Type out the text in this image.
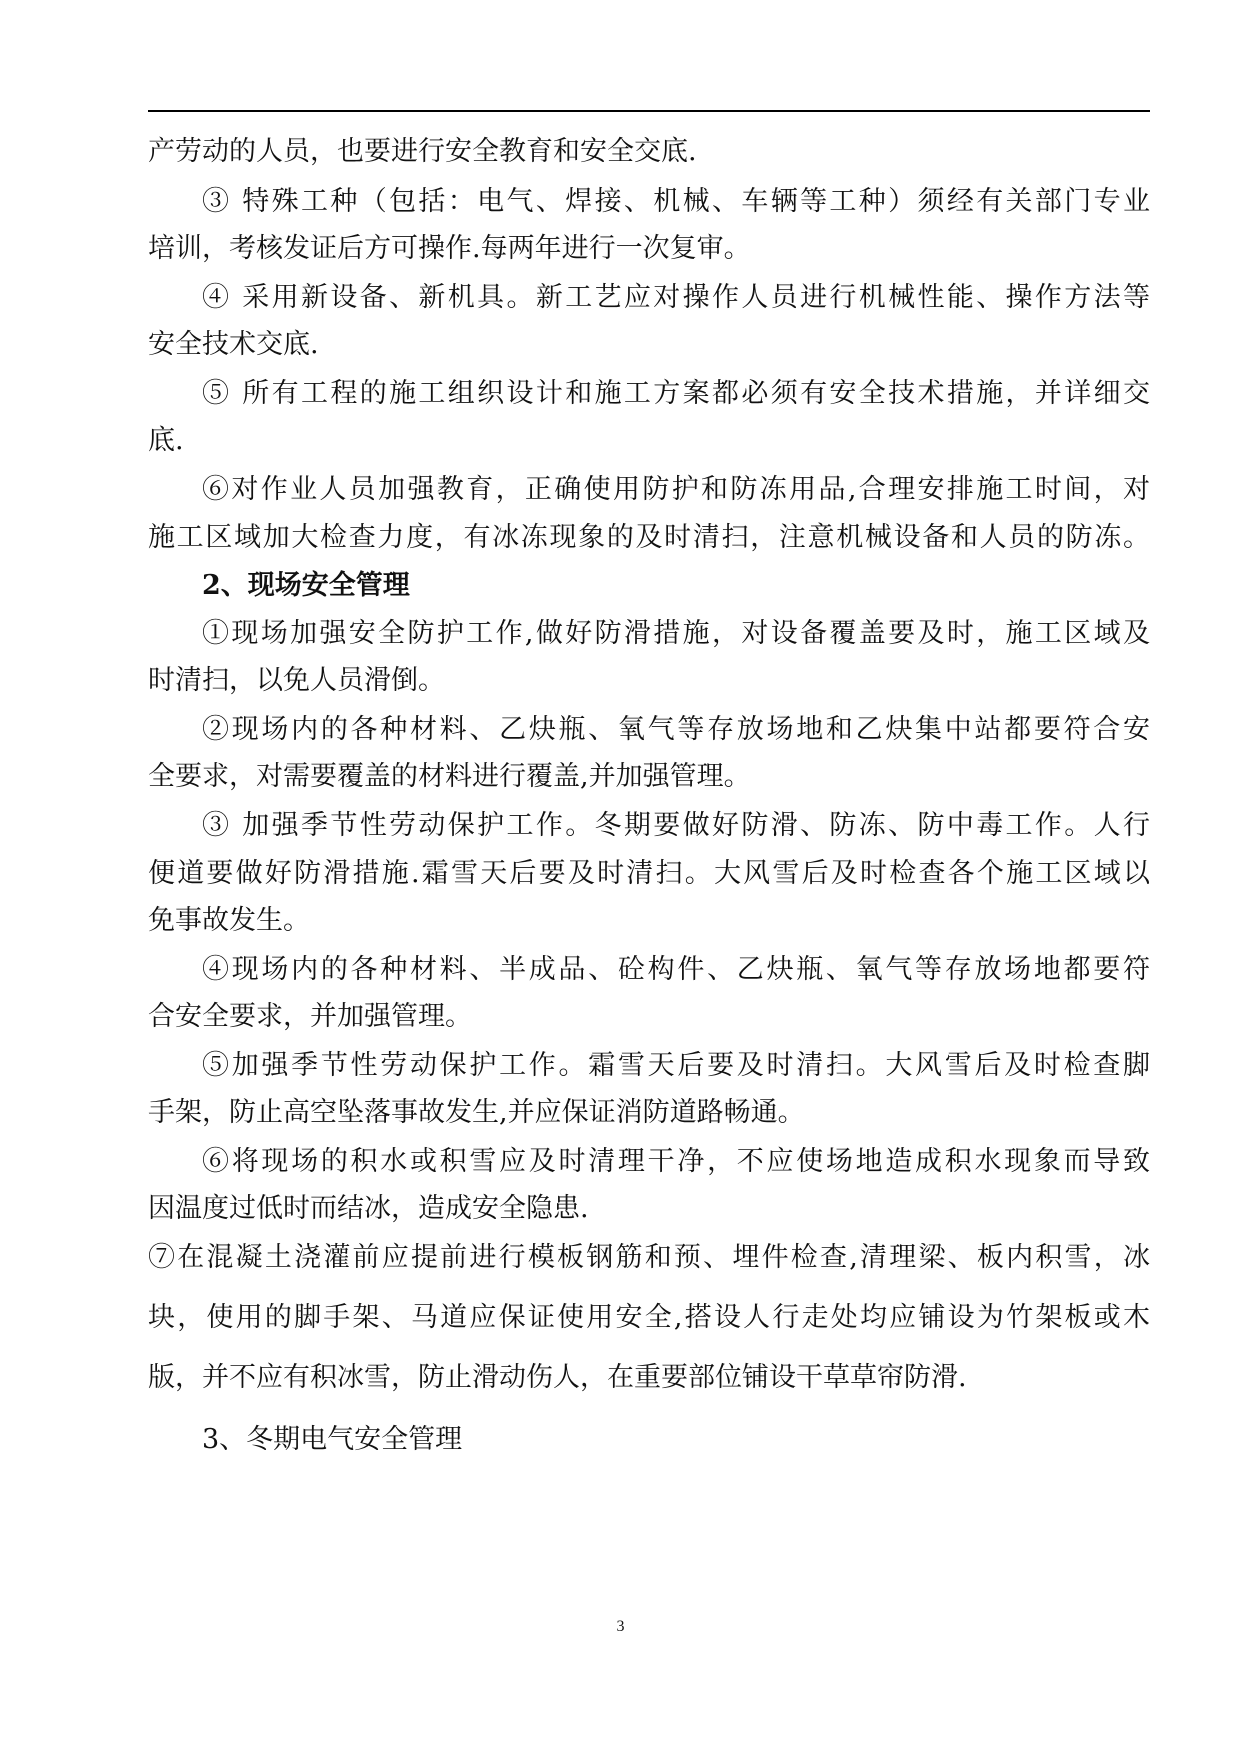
产劳动的人员，也要进行安全教育和安全交底.
③ 特殊工种（包括：电气、焊接、机械、车辆等工种）须经有关部门专业
培训，考核发证后方可操作.每两年进行一次复审。
④ 采用新设备、新机具。新工艺应对操作人员进行机械性能、操作方法等
安全技术交底.
⑤ 所有工程的施工组织设计和施工方案都必须有安全技术措施，并详细交
底.
⑥对作业人员加强教育，正确使用防护和防冻用品,合理安排施工时间，对
施工区域加大检查力度，有冰冻现象的及时清扫，注意机械设备和人员的防冻。
2、现场安全管理
①现场加强安全防护工作,做好防滑措施，对设备覆盖要及时，施工区域及
时清扫，以免人员滑倒。
②现场内的各种材料、乙炔瓶、氧气等存放场地和乙炔集中站都要符合安
全要求，对需要覆盖的材料进行覆盖,并加强管理。
③ 加强季节性劳动保护工作。冬期要做好防滑、防冻、防中毒工作。人行
便道要做好防滑措施.霜雪天后要及时清扫。大风雪后及时检查各个施工区域以
免事故发生。
④现场内的各种材料、半成品、砼构件、乙炔瓶、氧气等存放场地都要符
合安全要求，并加强管理。
⑤加强季节性劳动保护工作。霜雪天后要及时清扫。大风雪后及时检查脚
手架，防止高空坠落事故发生,并应保证消防道路畅通。
⑥将现场的积水或积雪应及时清理干净，不应使场地造成积水现象而导致
因温度过低时而结冰，造成安全隐患.
⑦在混凝土浇灌前应提前进行模板钢筋和预、埋件检查,清理梁、板内积雪，冰
块，使用的脚手架、马道应保证使用安全,搭设人行走处均应铺设为竹架板或木
版，并不应有积冰雪，防止滑动伤人，在重要部位铺设干草草帘防滑.
3、冬期电气安全管理
3
